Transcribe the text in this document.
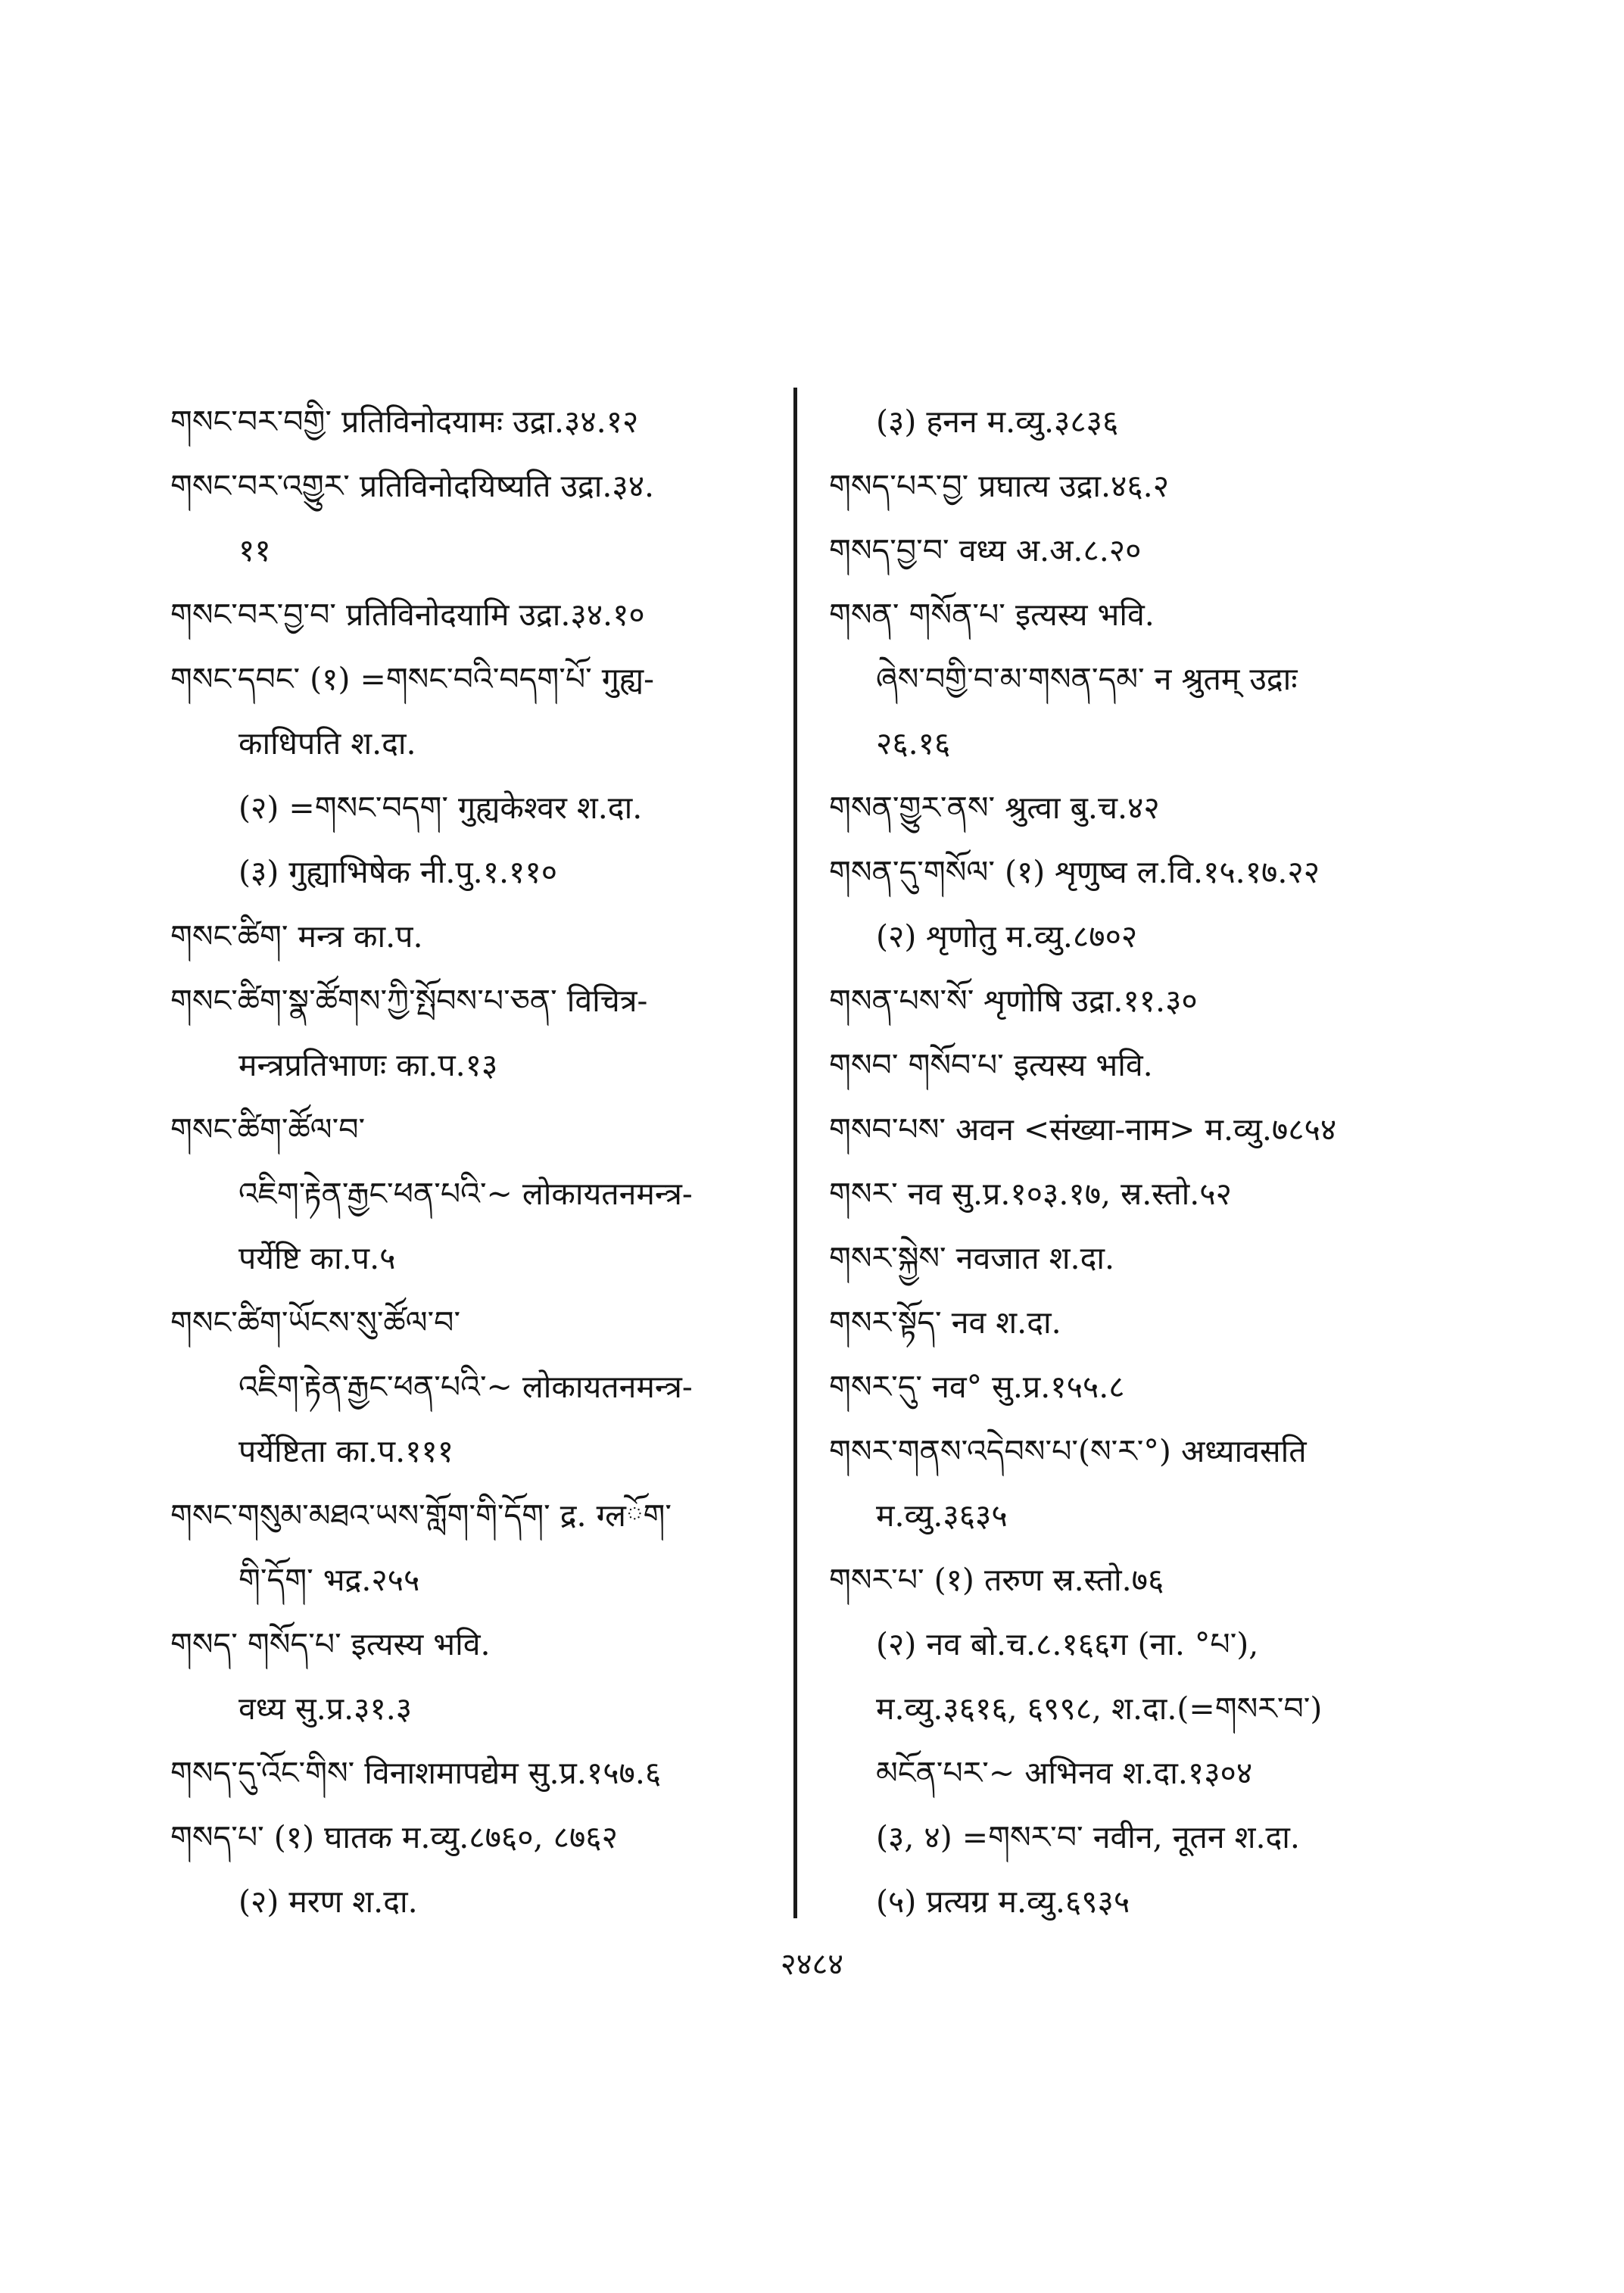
གསང་བར་བགྱི་ प्रतिविनोदयामः उद्रा.३४.१२
གསང་བར་འགྱུར་ प्रतिविनोदयिष्यति उद्रा.३४.
११
གསང་བར་བྱ་བ་ प्रतिविनोदयामि उद्रा.३४.१०
གསང་དབང་ (१) =གསང་བའི་བདག་པོ་ गुह्य-
काधिपति श.दा.
(२) =གསང་བདག་ गुह्यकेश्वर श.दा.
(३) गुह्याभिषेक नी.पु.१.११०
གསང་ཚིག་ मन्त्र का.प.
གསང་ཚིག་སྣ་ཚོགས་ཀྱི་སྤོབས་པ་ཅན་ विचित्र-
मन्त्रप्रतिभाणः का.प.१३
གསང་ཚིག་ཚོལ་བ་
འཇིག་རྟེན་རྒྱང་ཕན་པའི་~ लोकायतनमन्त्र-
पर्येष्टि का.प.५
གསང་ཚིག་ཡོངས་སུ་ཚོལ་བ་
འཇིག་རྟེན་རྒྱང་ཕན་པའི་~ लोकायतनमन्त्र-
पर्येष्टिता का.प.१११
གསང་གསུམ་མཐའ་ཡས་གློག་གི་དོག་ द्र. ग्लོག་
གི་དོག་ भद्र.२५५
གསད་ གསོད་པ་ इत्यस्य भवि.
वध्य सु.प्र.३१.३
གསད་དུ་འོང་གིས་ विनाशमापद्येम सु.प्र.१५७.६
གསད་པ་ (१) घातक म.व्यु.८७६०, ८७६२
(२) मरण श.दा.
(३) हनन म.व्यु.३८३६
གསད་པར་བྱ་ प्रघात्य उद्रा.४६.२
གསད་བྱ་བ་ वध्य अ.अ.८.२०
གསན་ གསོན་པ་ इत्यस्य भवि.
ཞེས་བགྱི་བ་མ་གསན་དམ་ न श्रुतम् उद्राः
२६.१६
གསན་གྱུར་ནས་ श्रुत्वा बु.च.४२
གསན་དུ་གསོལ་ (१) शृणुष्व ल.वि.१५.१७.२२
(२) शृणोतु म.व्यु.८७०२
གསན་པས་སོ་ शृणोषि उद्रा.११.३०
གསབ་ གསོབ་པ་ इत्यस्य भवि.
གསབ་པས་ अवन <संख्या-नाम> म.व्यु.७८५४
གསར་ नव सु.प्र.१०३.१७, स्र.स्तो.५२
གསར་སྐྱེས་ नवजात श.दा.
གསར་སྟོད་ नव श.दा.
གསར་དུ་ नव° सु.प्र.१५५.८
གསར་གནས་འདེབས་པ་(ས་ར་°) अध्यावसति
म.व्यु.३६३५
གསར་པ་ (१) तरुण स्र.स्तो.७६
(२) नव बो.च.८.१६६ग (ना. °པ་),
म.व्यु.३६१६, ६९९८, श.दा.(=གསར་བ་)
མངོན་པར་~ अभिनव श.दा.१३०४
(३, ४) =གསར་བ་ नवीन, नूतन श.दा.
(५) प्रत्यग्र म.व्यु.६९३५
२४८४
